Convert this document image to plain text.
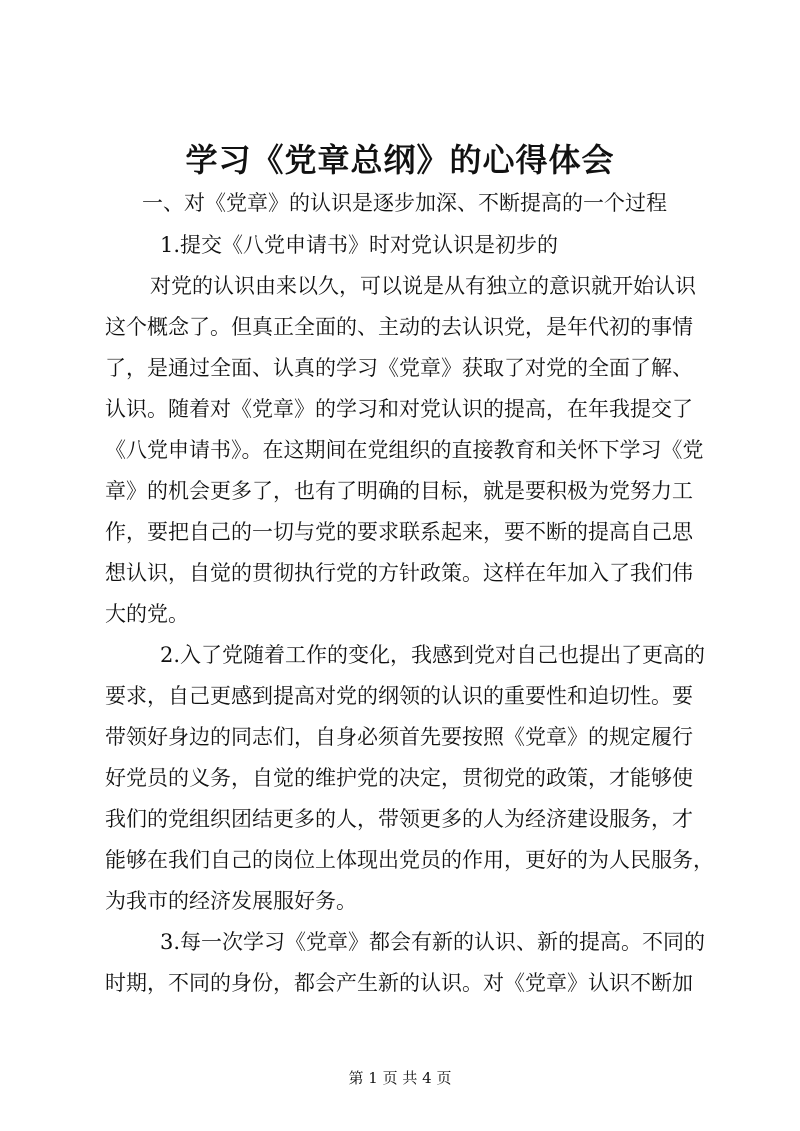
学习《党章总纲》的心得体会
一、对《党章》的认识是逐步加深、不断提高的一个过程
1.提交《八党申请书》时对党认识是初步的
对党的认识由来以久，可以说是从有独立的意识就开始认识
这个概念了。但真正全面的、主动的去认识党，是年代初的事情
了，是通过全面、认真的学习《党章》获取了对党的全面了解、
认识。随着对《党章》的学习和对党认识的提高，在年我提交了
《八党申请书》。在这期间在党组织的直接教育和关怀下学习《党
章》的机会更多了，也有了明确的目标，就是要积极为党努力工
作，要把自己的一切与党的要求联系起来，要不断的提高自己思
想认识，自觉的贯彻执行党的方针政策。这样在年加入了我们伟
大的党。
2.入了党随着工作的变化，我感到党对自己也提出了更高的
要求，自己更感到提高对党的纲领的认识的重要性和迫切性。要
带领好身边的同志们，自身必须首先要按照《党章》的规定履行
好党员的义务，自觉的维护党的决定，贯彻党的政策，才能够使
我们的党组织团结更多的人，带领更多的人为经济建设服务，才
能够在我们自己的岗位上体现出党员的作用，更好的为人民服务，
为我市的经济发展服好务。
3.每一次学习《党章》都会有新的认识、新的提高。不同的
时期，不同的身份，都会产生新的认识。对《党章》认识不断加
第 1 页 共 4 页
